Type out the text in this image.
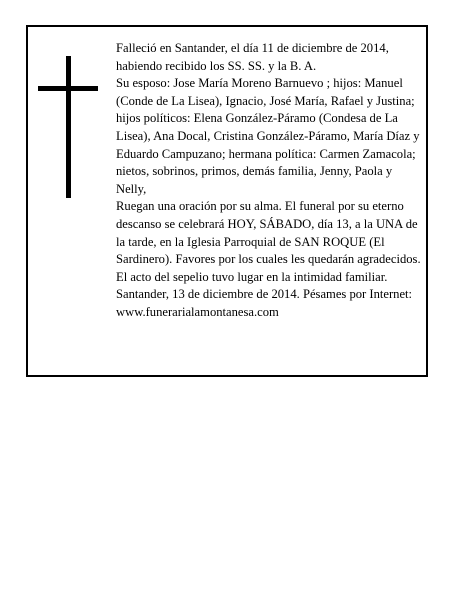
Falleció en Santander, el día 11 de diciembre de 2014, habiendo recibido los SS. SS. y la B. A.

Su esposo: Jose María Moreno Barnuevo ; hijos: Manuel (Conde de La Lisea), Ignacio, José María, Rafael y Justina; hijos políticos: Elena González-Páramo (Condesa de La Lisea), Ana Docal, Cristina González-Páramo, María Díaz y Eduardo Campuzano; hermana política: Carmen Zamacola; nietos, sobrinos, primos, demás familia, Jenny, Paola y Nelly,

Ruegan una oración por su alma. El funeral por su eterno descanso se celebrará HOY, SÁBADO, día 13, a la UNA de la tarde, en la Iglesia Parroquial de SAN ROQUE (El Sardinero). Favores por los cuales les quedarán agradecidos. El acto del sepelio tuvo lugar en la intimidad familiar.

Santander, 13 de diciembre de 2014. Pésames por Internet: www.funerarialamontanesa.com
